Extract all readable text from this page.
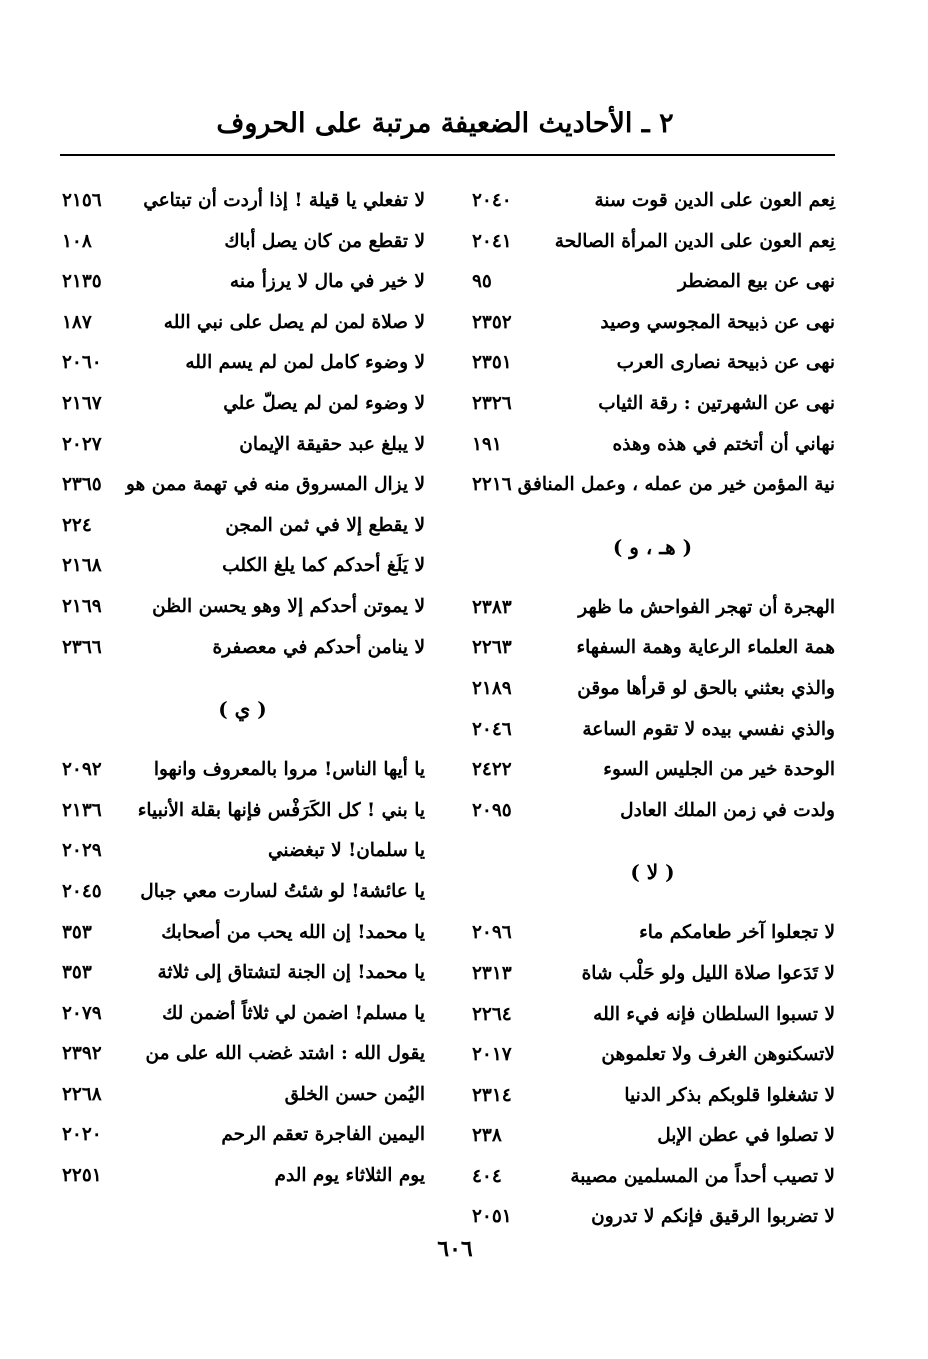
٢ ـ الأحاديث الضعيفة مرتبة على الحروف
نِعم العون على الدين قوت سنة
٢٠٤٠
نِعم العون على الدين المرأة الصالحة
٢٠٤١
نهى عن بيع المضطر
٩٥
نهى عن ذبيحة المجوسي وصيد
٢٣٥٢
نهى عن ذبيحة نصارى العرب
٢٣٥١
نهى عن الشهرتين : رقة الثياب
٢٣٢٦
نهاني أن أتختم في هذه وهذه
١٩١
نية المؤمن خير من عمله ، وعمل المنافق
٢٢١٦
( هـ ، و )
الهجرة أن تهجر الفواحش ما ظهر
٢٣٨٣
همة العلماء الرعاية وهمة السفهاء
٢٢٦٣
والذي بعثني بالحق لو قرأها موقن
٢١٨٩
والذي نفسي بيده لا تقوم الساعة
٢٠٤٦
الوحدة خير من الجليس السوء
٢٤٢٢
ولدت في زمن الملك العادل
٢٠٩٥
( لا )
لا تجعلوا آخر طعامكم ماء
٢٠٩٦
لا تَدَعوا صلاة الليل ولو حَلْب شاة
٢٣١٣
لا تسبوا السلطان فإنه فيء الله
٢٢٦٤
لاتسكنوهن الغرف ولا تعلموهن
٢٠١٧
لا تشغلوا قلوبكم بذكر الدنيا
٢٣١٤
لا تصلوا في عطن الإبل
٢٣٨
لا تصيب أحداً من المسلمين مصيبة
٤٠٤
لا تضربوا الرقيق فإنكم لا تدرون
٢٠٥١
لا تفعلي يا قيلة ! إذا أردت أن تبتاعي
٢١٥٦
لا تقطع من كان يصل أباك
١٠٨
لا خير في مال لا يرزأ منه
٢١٣٥
لا صلاة لمن لم يصل على نبي الله
١٨٧
لا وضوء كامل لمن لم يسم الله
٢٠٦٠
لا وضوء لمن لم يصلّ علي
٢١٦٧
لا يبلغ عبد حقيقة الإيمان
٢٠٢٧
لا يزال المسروق منه في تهمة ممن هو
٢٣٦٥
لا يقطع إلا في ثمن المجن
٢٢٤
لا يَلَغ أحدكم كما يلغ الكلب
٢١٦٨
لا يموتن أحدكم إلا وهو يحسن الظن
٢١٦٩
لا ينامن أحدكم في معصفرة
٢٣٦٦
( ي )
يا أيها الناس! مروا بالمعروف وانهوا
٢٠٩٢
يا بني ! كل الكَرَفْس فإنها بقلة الأنبياء
٢١٣٦
يا سلمان! لا تبغضني
٢٠٢٩
يا عائشة! لو شئتُ لسارت معي جبال
٢٠٤٥
يا محمد! إن الله يحب من أصحابك
٣٥٣
يا محمد! إن الجنة لتشتاق إلى ثلاثة
٣٥٣
يا مسلم! اضمن لي ثلاثاً أضمن لك
٢٠٧٩
يقول الله : اشتد غضب الله على من
٢٣٩٢
اليُمن حسن الخلق
٢٢٦٨
اليمين الفاجرة تعقم الرحم
٢٠٢٠
يوم الثلاثاء يوم الدم
٢٢٥١
٦٠٦
